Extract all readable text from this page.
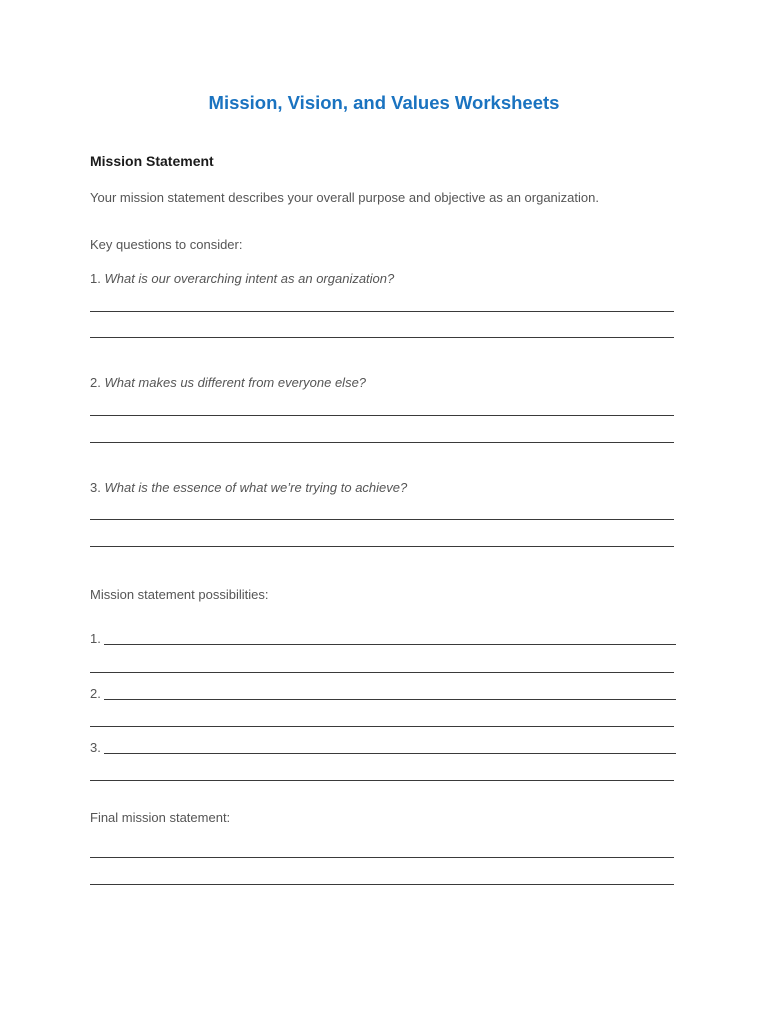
Mission, Vision, and Values Worksheets
Mission Statement
Your mission statement describes your overall purpose and objective as an organization.
Key questions to consider:
1. What is our overarching intent as an organization?
2. What makes us different from everyone else?
3. What is the essence of what we’re trying to achieve?
Mission statement possibilities:
1.
2.
3.
Final mission statement:
